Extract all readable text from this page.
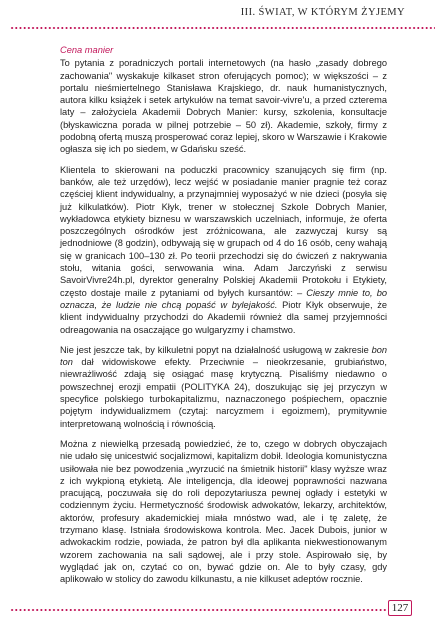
III. ŚWIAT, W KTÓRYM ŻYJEMY
Cena manier

To pytania z poradniczych portali internetowych (na hasło „zasady dobrego zachowania" wyskakuje kilkaset stron oferujących pomoc); w większości – z portalu nieśmiertelnego Stanisława Krajskiego, dr. nauk humanistycznych, autora kilku książek i setek artykułów na temat savoir-vivre'u, a przed czterema laty – założyciela Akademii Dobrych Manier: kursy, szkolenia, konsultacje (błyskawiczna porada w pilnej potrzebie – 50 zł). Akademie, szkoły, firmy z podobną ofertą muszą prosperować coraz lepiej, skoro w Warszawie i Krakowie ogłasza się ich po siedem, w Gdańsku sześć.

Klientela to skierowani na poduczki pracownicy szanujących się firm (np. banków, ale też urzędów), lecz wejść w posiadanie manier pragnie też coraz częściej klient indywidualny, a przynajmniej wyposażyć w nie dzieci (posyła się już kilkulatków). Piotr Kłyk, trener w stołecznej Szkole Dobrych Manier, wykładowca etykiety biznesu w warszawskich uczelniach, informuje, że oferta poszczególnych ośrodków jest zróżnicowana, ale zazwyczaj kursy są jednodniowe (8 godzin), odbywają się w grupach od 4 do 16 osób, ceny wahają się w granicach 100–130 zł. Po teorii przechodzi się do ćwiczeń z nakrywania stołu, witania gości, serwowania wina. Adam Jarczyński z serwisu SavoirVivre24h.pl, dyrektor generalny Polskiej Akademii Protokołu i Etykiety, często dostaje maile z pytaniami od byłych kursantów: – Cieszy mnie to, bo oznacza, że ludzie nie chcą popaść w bylejakość. Piotr Kłyk obserwuje, że klient indywidualny przychodzi do Akademii również dla samej przyjemności odreagowania na osaczające go wulgaryzmy i chamstwo.

Nie jest jeszcze tak, by kilkuletni popyt na działalność usługową w zakresie bon ton dał widowiskowe efekty. Przeciwnie – nieokrzesanie, grubiaństwo, niewrażliwość zdają się osiągać masę krytyczną. Pisaliśmy niedawno o powszechnej erozji empatii (POLITYKA 24), doszukując się jej przyczyn w specyfice polskiego turbokapitalizmu, naznaczonego pośpiechem, opacznie pojętym indywidualizmem (czytaj: narcyzmem i egoizmem), prymitywnie interpretowaną wolnością i równością.

Można z niewielką przesadą powiedzieć, że to, czego w dobrych obyczajach nie udało się unicestwić socjalizmowi, kapitalizm dobił. Ideologia komunistyczna usiłowała nie bez powodzenia „wyrzucić na śmietnik historii" klasy wyższe wraz z ich wykpioną etykietą. Ale inteligencja, dla ideowej poprawności nazwana pracującą, poczuwała się do roli depozytariusza pewnej ogłady i estetyki w codziennym życiu. Hermetyczność środowisk adwokatów, lekarzy, architektów, aktorów, profesury akademickiej miała mnóstwo wad, ale i tę zaletę, że trzymano klasę. Istniała środowiskowa kontrola. Mec. Jacek Dubois, junior w adwokackim rodzie, powiada, że patron był dla aplikanta niekwestionowanym wzorem zachowania na sali sądowej, ale i przy stole. Aspirowało się, by wyglądać jak on, czytać co on, bywać gdzie on. Ale to były czasy, gdy aplikowało w stolicy do zawodu kilkunastu, a nie kilkuset adeptów rocznie.

127
